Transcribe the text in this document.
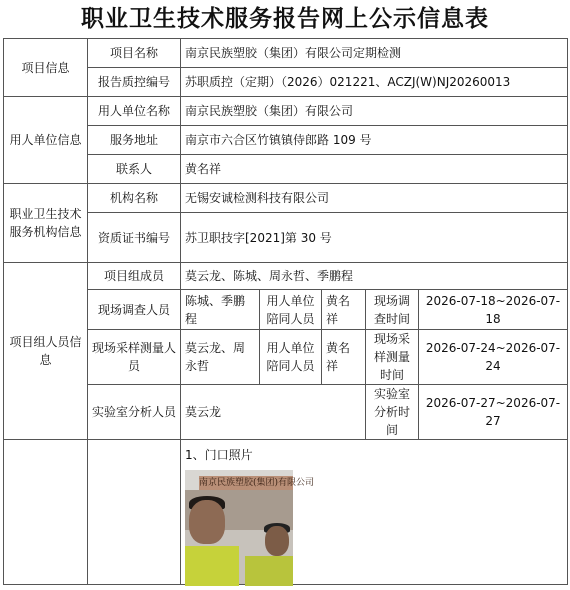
职业卫生技术服务报告网上公示信息表
项目信息	项目名称	南京民族塑胶（集团）有限公司定期检测				
	报告质控编号	苏职质控（定期）（2026）021221、ACZJ(W)NJ20260013				
用人单位信息	用人单位名称	南京民族塑胶（集团）有限公司				
	服务地址	南京市六合区竹镇镇侍郎路 109 号				
	联系人	黄名祥				
职业卫生技术服务机构信息	机构名称	无锡安诚检测科技有限公司				
	资质证书编号	苏卫职技字[2021]第 30 号				
项目组人员信息	项目组成员	莫云龙、陈城、周永哲、季鹏程				
	现场调查人员	陈城、季鹏程	用人单位陪同人员	黄名祥	现场调查时间	2026-07-18~2026-07-18
	现场采样测量人员	莫云龙、周永哲	用人单位陪同人员	黄名祥	现场采样测量时间	2026-07-24~2026-07-24
	实验室分析人员	莫云龙			实验室分析时间	2026-07-27~2026-07-27

		1、门口照片
南京民族塑胶(集团)有限公司				
